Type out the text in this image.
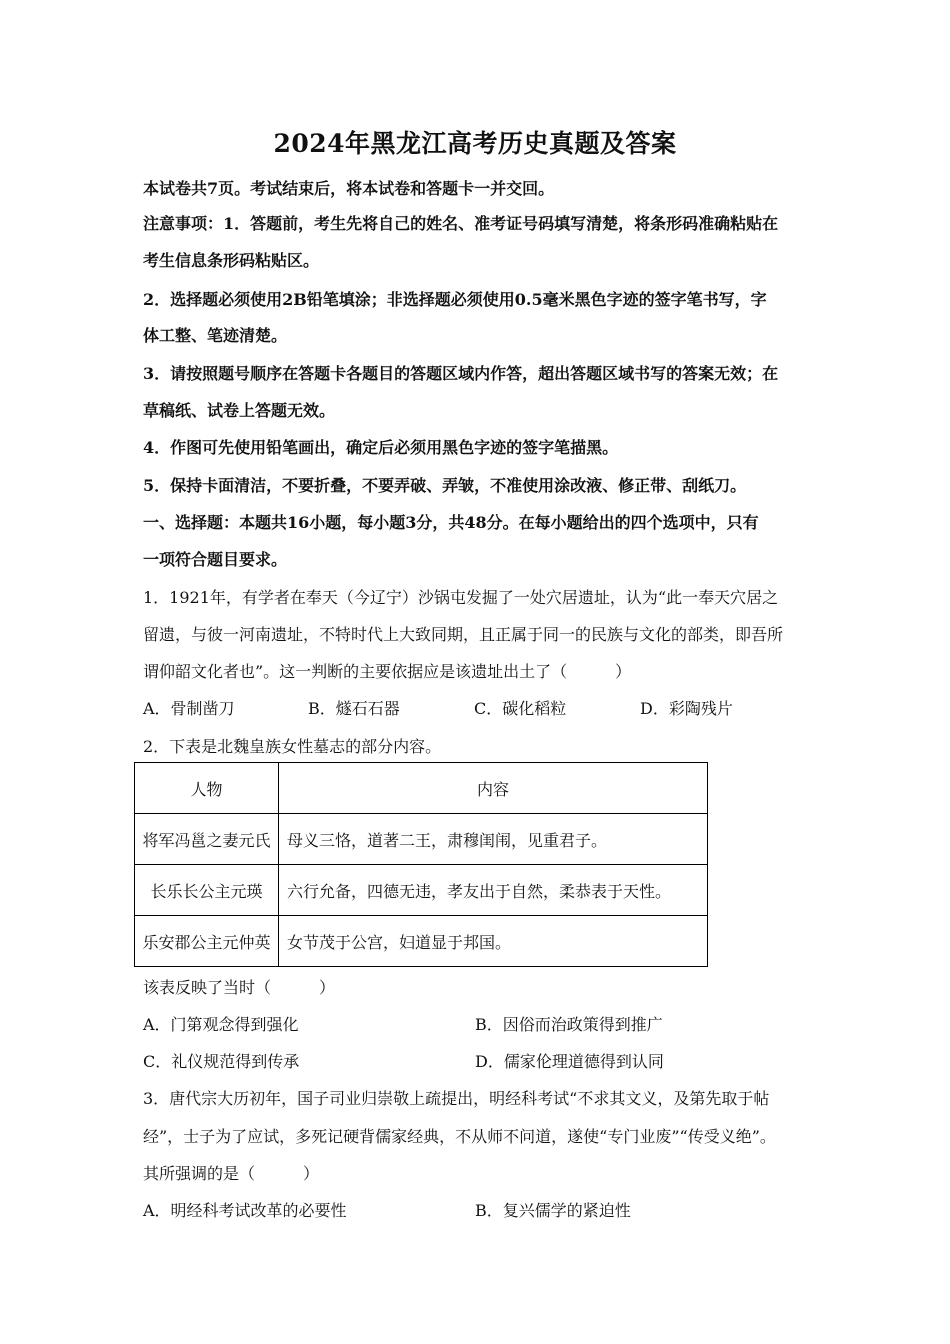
2024年黑龙江高考历史真题及答案
本试卷共7页。考试结束后，将本试卷和答题卡一并交回。
注意事项：1．答题前，考生先将自己的姓名、准考证号码填写清楚，将条形码准确粘贴在
考生信息条形码粘贴区。
2．选择题必须使用2B铅笔填涂；非选择题必须使用0.5毫米黑色字迹的签字笔书写，字
体工整、笔迹清楚。
3．请按照题号顺序在答题卡各题目的答题区域内作答，超出答题区域书写的答案无效；在
草稿纸、试卷上答题无效。
4．作图可先使用铅笔画出，确定后必须用黑色字迹的签字笔描黑。
5．保持卡面清洁，不要折叠，不要弄破、弄皱，不准使用涂改液、修正带、刮纸刀。
一、选择题：本题共16小题，每小题3分，共48分。在每小题给出的四个选项中，只有
一项符合题目要求。
1．1921年，有学者在奉天（今辽宁）沙锅屯发掘了一处穴居遗址，认为“此一奉天穴居之
留遗，与彼一河南遗址，不特时代上大致同期，且正属于同一的民族与文化的部类，即吾所
谓仰韶文化者也”。这一判断的主要依据应是该遗址出土了（　　　）
A．骨制凿刀	B．燧石石器	C．碳化稻粒	D．彩陶残片
2．下表是北魏皇族女性墓志的部分内容。
人物	内容
将军冯邕之妻元氏	母义三恪，道著二王，肃穆闺闱，见重君子。
长乐长公主元瑛	六行允备，四德无违，孝友出于自然，柔恭表于天性。
乐安郡公主元仲英	女节茂于公宫，妇道显于邦国。
该表反映了当时（　　　）
A．门第观念得到强化	B．因俗而治政策得到推广
C．礼仪规范得到传承	D．儒家伦理道德得到认同
3．唐代宗大历初年，国子司业归崇敬上疏提出，明经科考试“不求其文义，及第先取于帖
经”，士子为了应试，多死记硬背儒家经典，不从师不问道，遂使“专门业废”“传受义绝”。
其所强调的是（　　　）
A．明经科考试改革的必要性	B．复兴儒学的紧迫性
